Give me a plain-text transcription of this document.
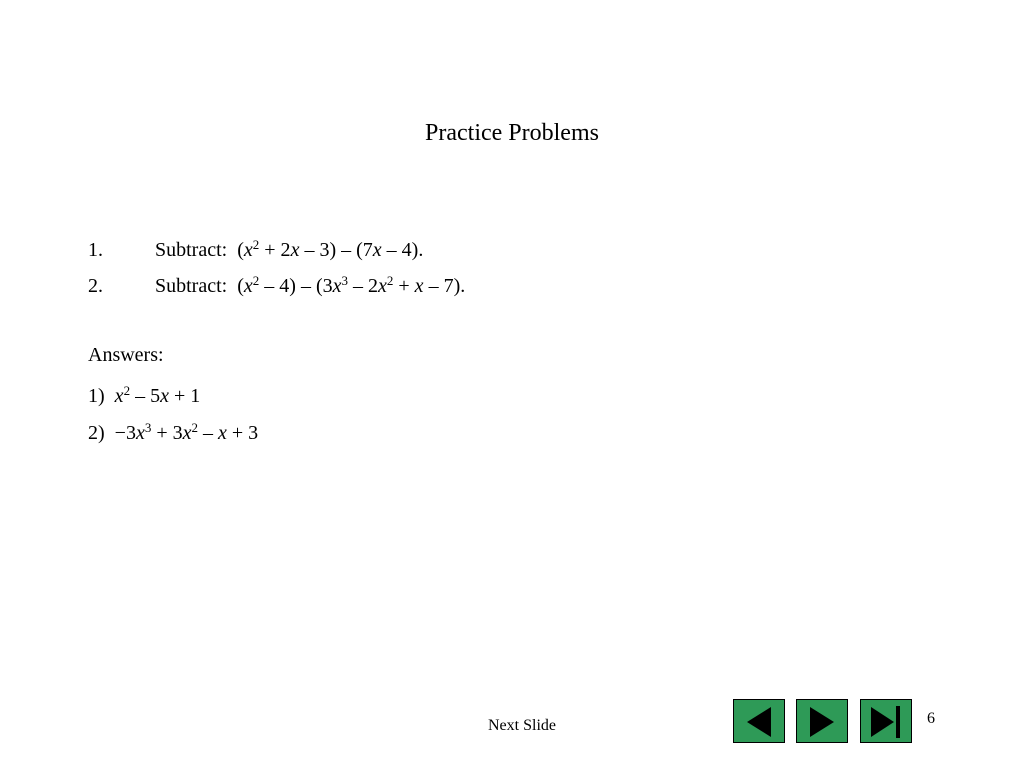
Practice Problems
1.	Subtract: $(x^2 + 2x - 3) - (7x - 4)$.
2.	Subtract: $(x^2 - 4) - (3x^3 - 2x^2 + x - 7)$.
Answers:
1) $x^2 - 5x + 1$
$2) -3x^3 + 3x^2 - x + 3$
Next Slide	6
